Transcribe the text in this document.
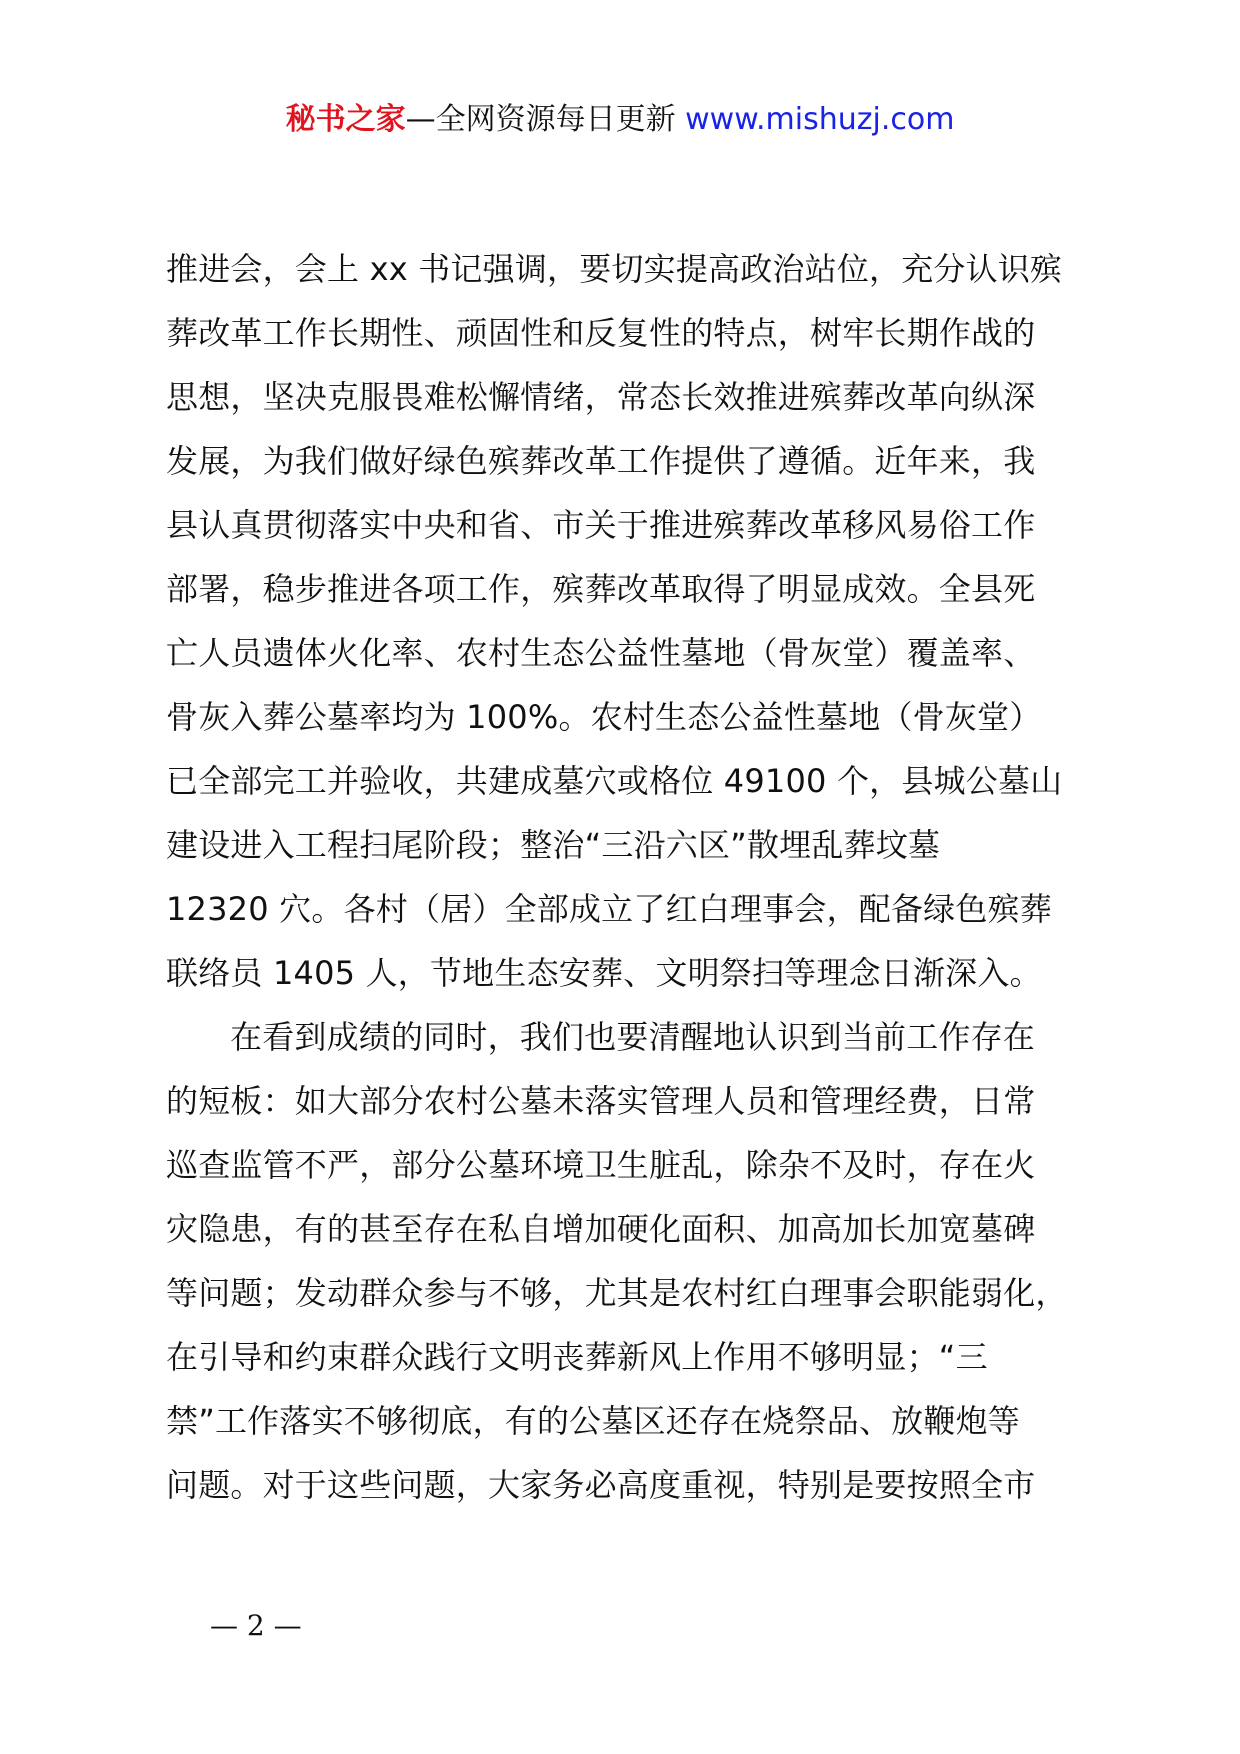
秘书之家—全网资源每日更新 www.mishuzj.com
推进会，会上 xx 书记强调，要切实提高政治站位，充分认识殡
葬改革工作长期性、顽固性和反复性的特点，树牢长期作战的
思想，坚决克服畏难松懈情绪，常态长效推进殡葬改革向纵深
发展，为我们做好绿色殡葬改革工作提供了遵循。近年来，我
县认真贯彻落实中央和省、市关于推进殡葬改革移风易俗工作
部署，稳步推进各项工作，殡葬改革取得了明显成效。全县死
亡人员遗体火化率、农村生态公益性墓地（骨灰堂）覆盖率、
骨灰入葬公墓率均为 100%。农村生态公益性墓地（骨灰堂）
已全部完工并验收，共建成墓穴或格位 49100 个，县城公墓山
建设进入工程扫尾阶段；整治“三沿六区”散埋乱葬坟墓
12320 穴。各村（居）全部成立了红白理事会，配备绿色殡葬
联络员 1405 人，节地生态安葬、文明祭扫等理念日渐深入。
在看到成绩的同时，我们也要清醒地认识到当前工作存在
的短板：如大部分农村公墓未落实管理人员和管理经费，日常
巡查监管不严，部分公墓环境卫生脏乱，除杂不及时，存在火
灾隐患，有的甚至存在私自增加硬化面积、加高加长加宽墓碑
等问题；发动群众参与不够，尤其是农村红白理事会职能弱化，
在引导和约束群众践行文明丧葬新风上作用不够明显；“三
禁”工作落实不够彻底，有的公墓区还存在烧祭品、放鞭炮等
问题。对于这些问题，大家务必高度重视，特别是要按照全市
— 2 —
